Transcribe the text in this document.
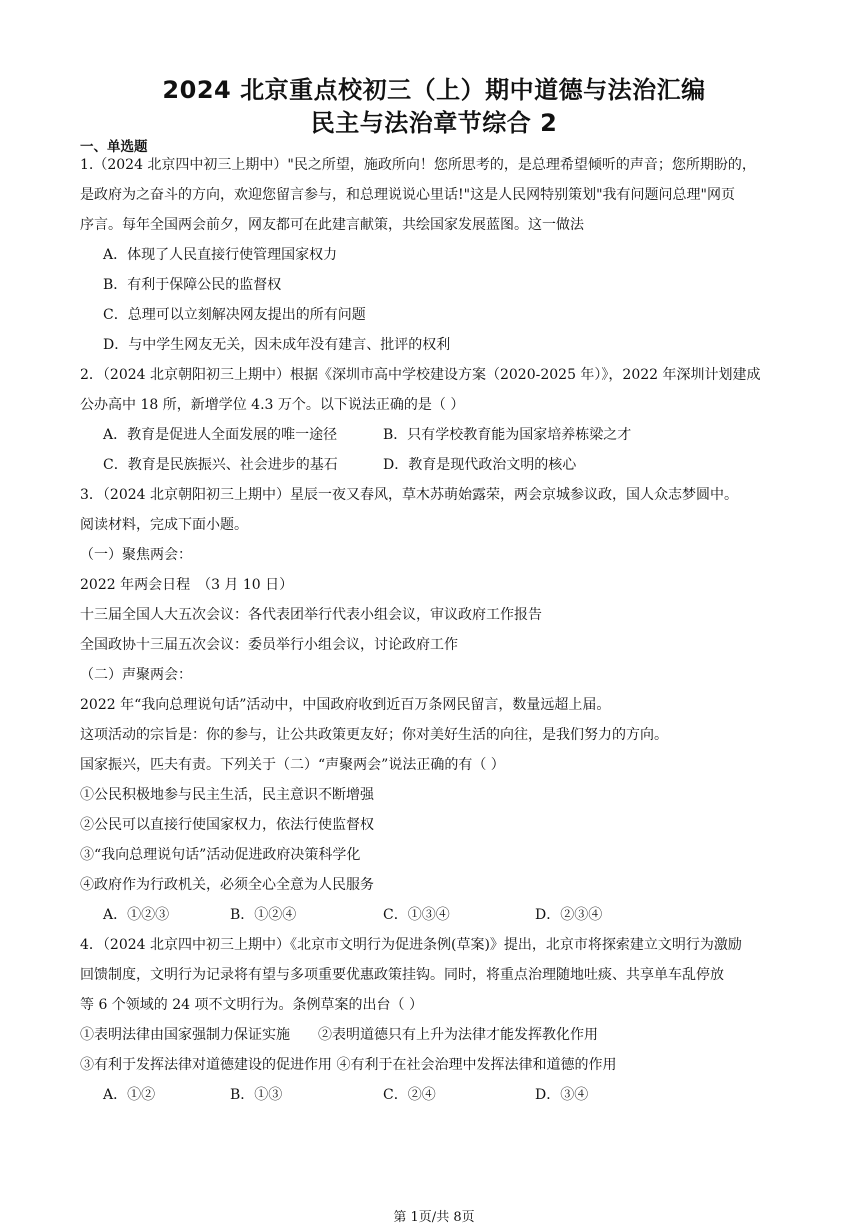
2024 北京重点校初三（上）期中道德与法治汇编
民主与法治章节综合 2
一、单选题
1.（2024 北京四中初三上期中）"民之所望，施政所向！您所思考的，是总理希望倾听的声音；您所期盼的，
是政府为之奋斗的方向，欢迎您留言参与，和总理说说心里话!"这是人民网特别策划"我有问题问总理"网页
序言。每年全国两会前夕，网友都可在此建言献策，共绘国家发展蓝图。这一做法
A．体现了人民直接行使管理国家权力
B．有利于保障公民的监督权
C．总理可以立刻解决网友提出的所有问题
D．与中学生网友无关，因未成年没有建言、批评的权利
2．（2024 北京朝阳初三上期中）根据《深圳市高中学校建设方案（2020-2025 年）》，2022 年深圳计划建成
公办高中 18 所，新增学位 4.3 万个。以下说法正确的是（ ）
A．教育是促进人全面发展的唯一途径	B．只有学校教育能为国家培养栋梁之才
C．教育是民族振兴、社会进步的基石	D．教育是现代政治文明的核心
3．（2024 北京朝阳初三上期中）星辰一夜又春风，草木苏萌始露荣，两会京城参议政，国人众志梦圆中。
阅读材料，完成下面小题。
（一）聚焦两会：
2022 年两会日程　（3 月 10 日）
十三届全国人大五次会议：各代表团举行代表小组会议，审议政府工作报告
全国政协十三届五次会议：委员举行小组会议，讨论政府工作
（二）声聚两会：
2022 年“我向总理说句话”活动中，中国政府收到近百万条网民留言，数量远超上届。
这项活动的宗旨是：你的参与，让公共政策更友好；你对美好生活的向往，是我们努力的方向。
国家振兴，匹夫有责。下列关于（二）“声聚两会”说法正确的有（ ）
①公民积极地参与民主生活，民主意识不断增强
②公民可以直接行使国家权力，依法行使监督权
③“我向总理说句话”活动促进政府决策科学化
④政府作为行政机关，必须全心全意为人民服务
A．①②③	B．①②④	C．①③④	D．②③④
4．（2024 北京四中初三上期中）《北京市文明行为促进条例(草案)》提出，北京市将探索建立文明行为激励
回馈制度，文明行为记录将有望与多项重要优惠政策挂钩。同时，将重点治理随地吐痰、共享单车乱停放
等 6 个领域的 24 项不文明行为。条例草案的出台（ ）
①表明法律由国家强制力保证实施　　②表明道德只有上升为法律才能发挥教化作用
③有利于发挥法律对道德建设的促进作用 ④有利于在社会治理中发挥法律和道德的作用
A．①②	B．①③	C．②④	D．③④
第 1页/共 8页
